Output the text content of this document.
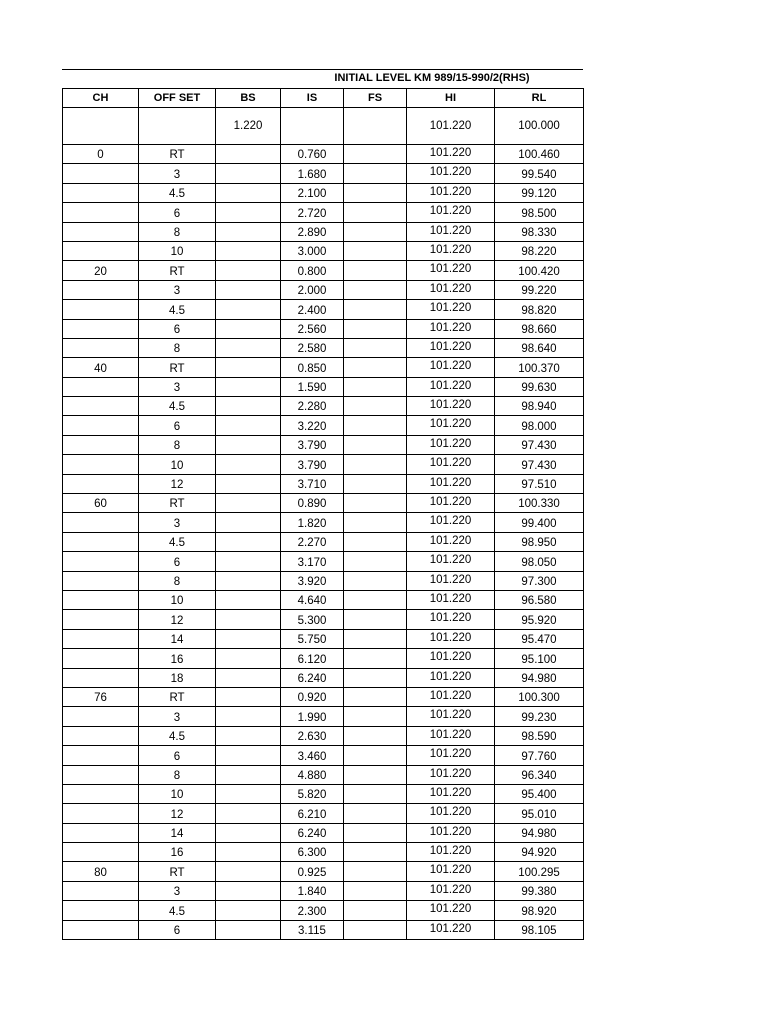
INITIAL LEVEL KM 989/15-990/2(RHS)
CH	OFF SET	BS	IS	FS	HI	RL
		1.220			101.220	100.000
0	RT		0.760		101.220	100.460
	3		1.680		101.220	99.540
	4.5		2.100		101.220	99.120
	6		2.720		101.220	98.500
	8		2.890		101.220	98.330
	10		3.000		101.220	98.220
20	RT		0.800		101.220	100.420
	3		2.000		101.220	99.220
	4.5		2.400		101.220	98.820
	6		2.560		101.220	98.660
	8		2.580		101.220	98.640
40	RT		0.850		101.220	100.370
	3		1.590		101.220	99.630
	4.5		2.280		101.220	98.940
	6		3.220		101.220	98.000
	8		3.790		101.220	97.430
	10		3.790		101.220	97.430
	12		3.710		101.220	97.510
60	RT		0.890		101.220	100.330
	3		1.820		101.220	99.400
	4.5		2.270		101.220	98.950
	6		3.170		101.220	98.050
	8		3.920		101.220	97.300
	10		4.640		101.220	96.580
	12		5.300		101.220	95.920
	14		5.750		101.220	95.470
	16		6.120		101.220	95.100
	18		6.240		101.220	94.980
76	RT		0.920		101.220	100.300
	3		1.990		101.220	99.230
	4.5		2.630		101.220	98.590
	6		3.460		101.220	97.760
	8		4.880		101.220	96.340
	10		5.820		101.220	95.400
	12		6.210		101.220	95.010
	14		6.240		101.220	94.980
	16		6.300		101.220	94.920
80	RT		0.925		101.220	100.295
	3		1.840		101.220	99.380
	4.5		2.300		101.220	98.920
	6		3.115		101.220	98.105
